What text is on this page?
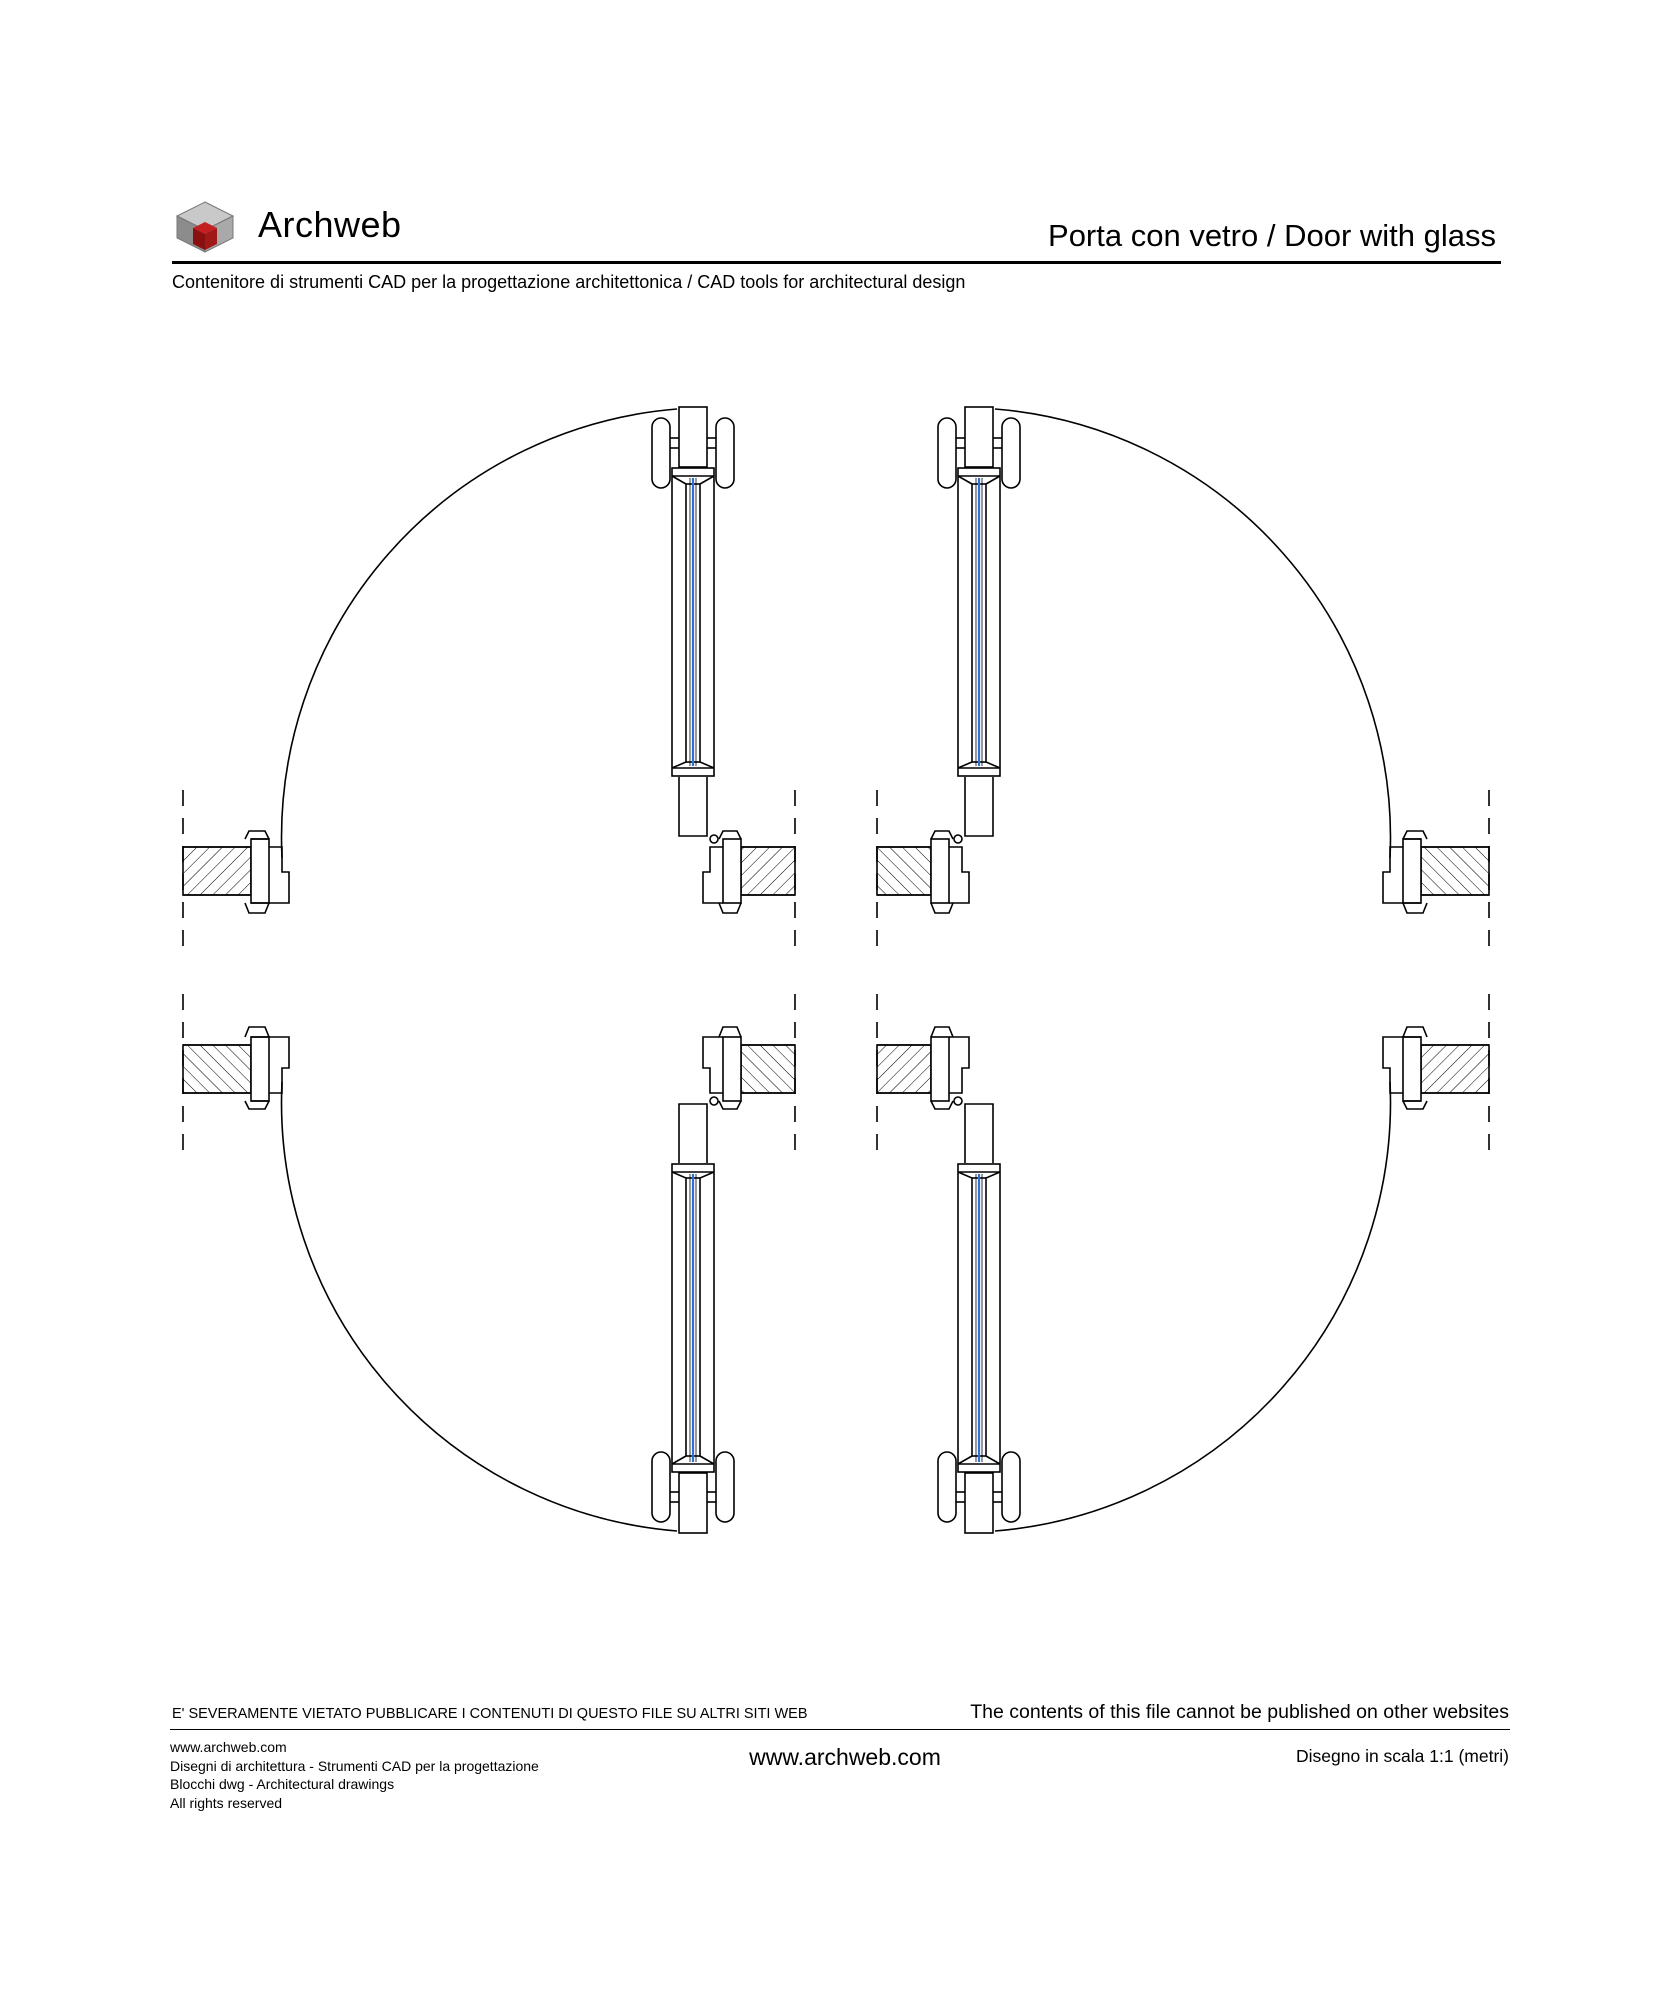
Archweb	Porta con vetro / Door with glass
Contenitore di strumenti CAD per la progettazione architettonica / CAD tools for architectural design
E' SEVERAMENTE VIETATO PUBBLICARE I CONTENUTI DI QUESTO FILE SU ALTRI SITI WEB	The contents of this file cannot be published on other websites
www.archweb.com
Disegni di architettura - Strumenti CAD per la progettazione
Blocchi dwg - Architectural drawings
All rights reserved
www.archweb.com	Disegno in scala 1:1 (metri)
